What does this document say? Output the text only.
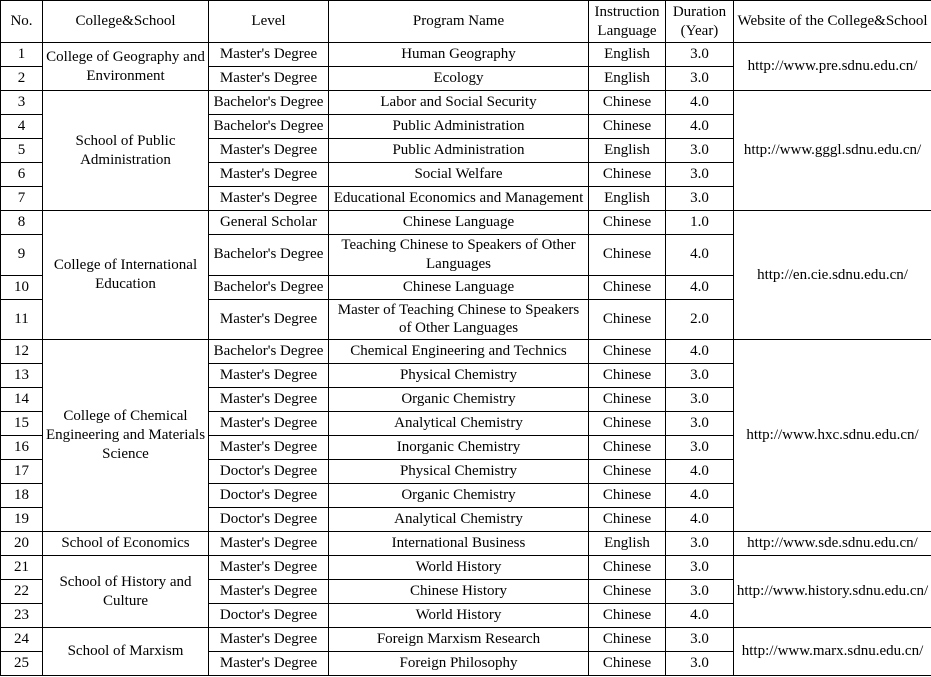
No.	College&School	Level	Program Name	Instruction Language	Duration (Year)	Website of the College&School
1	College of Geography and Environment	Master's Degree	Human Geography	English	3.0	http://www.pre.sdnu.edu.cn/
2		Master's Degree	Ecology	English	3.0	
3	School of Public Administration	Bachelor's Degree	Labor and Social Security	Chinese	4.0	http://www.gggl.sdnu.edu.cn/
4		Bachelor's Degree	Public Administration	Chinese	4.0	
5		Master's Degree	Public Administration	English	3.0	
6		Master's Degree	Social Welfare	Chinese	3.0	
7		Master's Degree	Educational Economics and Management	English	3.0	
8	College of International Education	General Scholar	Chinese Language	Chinese	1.0	http://en.cie.sdnu.edu.cn/
9		Bachelor's Degree	Teaching Chinese to Speakers of Other Languages	Chinese	4.0	
10		Bachelor's Degree	Chinese Language	Chinese	4.0	
11		Master's Degree	Master of Teaching Chinese to Speakers of Other Languages	Chinese	2.0	
12	College of Chemical Engineering and Materials Science	Bachelor's Degree	Chemical Engineering and Technics	Chinese	4.0	http://www.hxc.sdnu.edu.cn/
13		Master's Degree	Physical Chemistry	Chinese	3.0	
14		Master's Degree	Organic Chemistry	Chinese	3.0	
15		Master's Degree	Analytical Chemistry	Chinese	3.0	
16		Master's Degree	Inorganic Chemistry	Chinese	3.0	
17		Doctor's Degree	Physical Chemistry	Chinese	4.0	
18		Doctor's Degree	Organic Chemistry	Chinese	4.0	
19		Doctor's Degree	Analytical Chemistry	Chinese	4.0	
20	School of Economics	Master's Degree	International Business	English	3.0	http://www.sde.sdnu.edu.cn/
21	School of History and Culture	Master's Degree	World History	Chinese	3.0	http://www.history.sdnu.edu.cn/
22		Master's Degree	Chinese History	Chinese	3.0	
23		Doctor's Degree	World History	Chinese	4.0	
24	School of Marxism	Master's Degree	Foreign Marxism Research	Chinese	3.0	http://www.marx.sdnu.edu.cn/
25		Master's Degree	Foreign Philosophy	Chinese	3.0	
